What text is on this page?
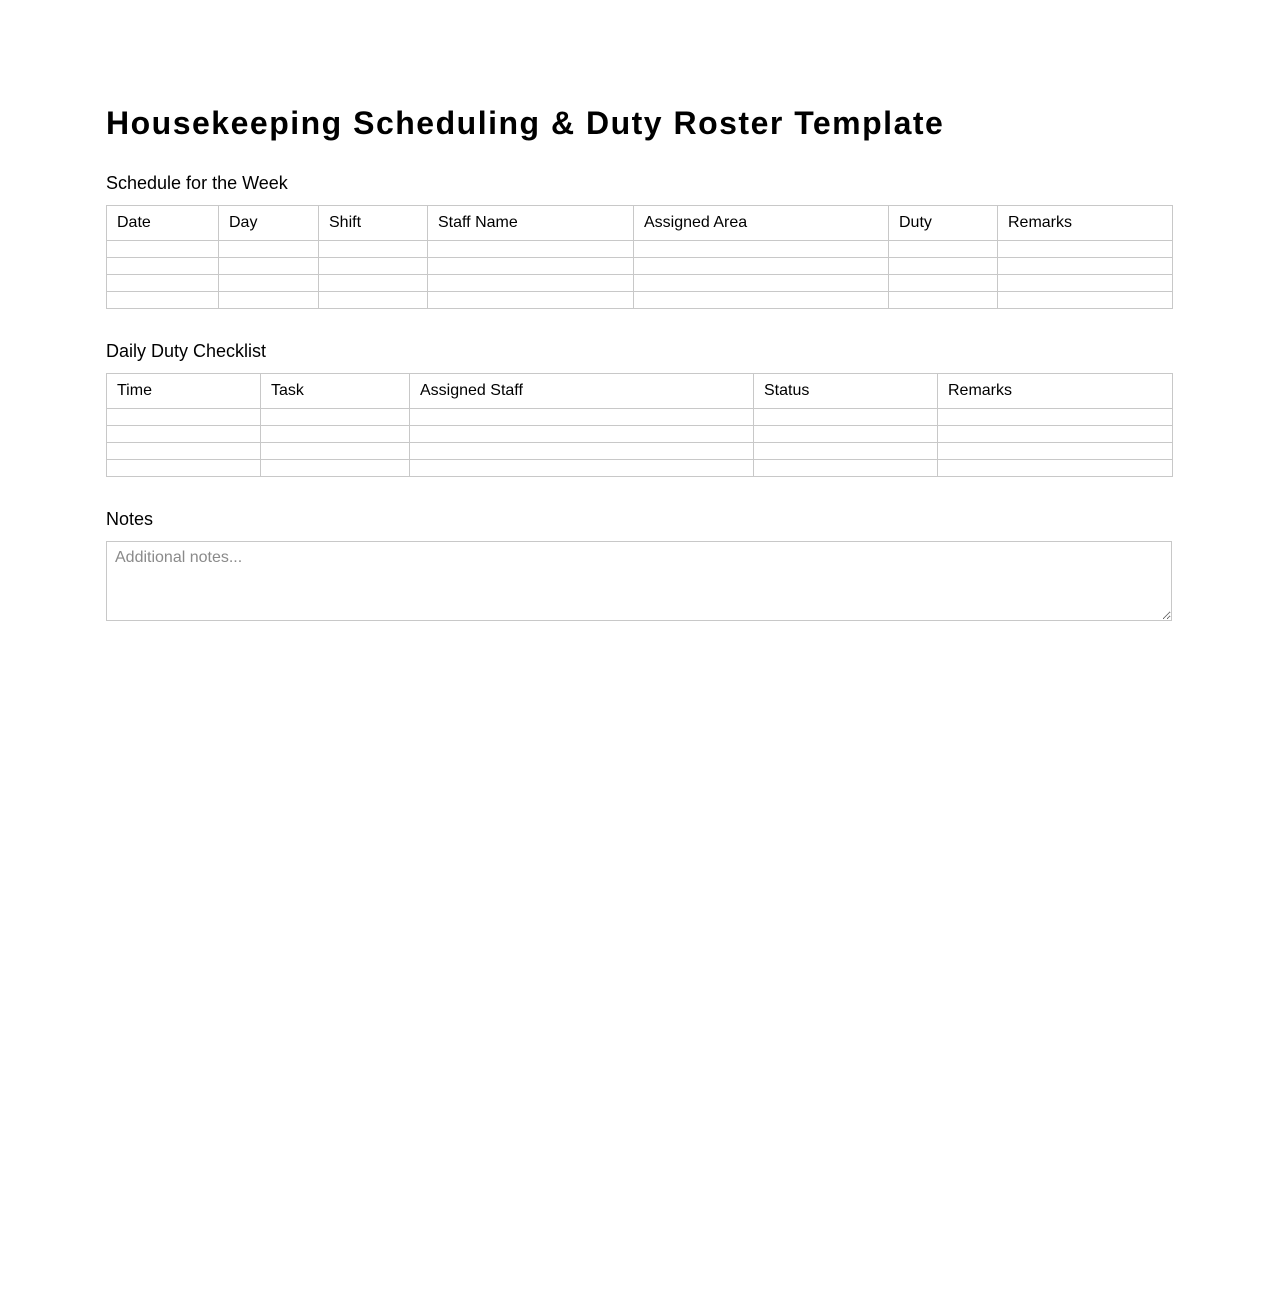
Housekeeping Scheduling & Duty Roster Template
Schedule for the Week
Date	Day	Shift	Staff Name	Assigned Area	Duty	Remarks

Daily Duty Checklist
Time	Task	Assigned Staff	Status	Remarks

Notes
Additional notes...
